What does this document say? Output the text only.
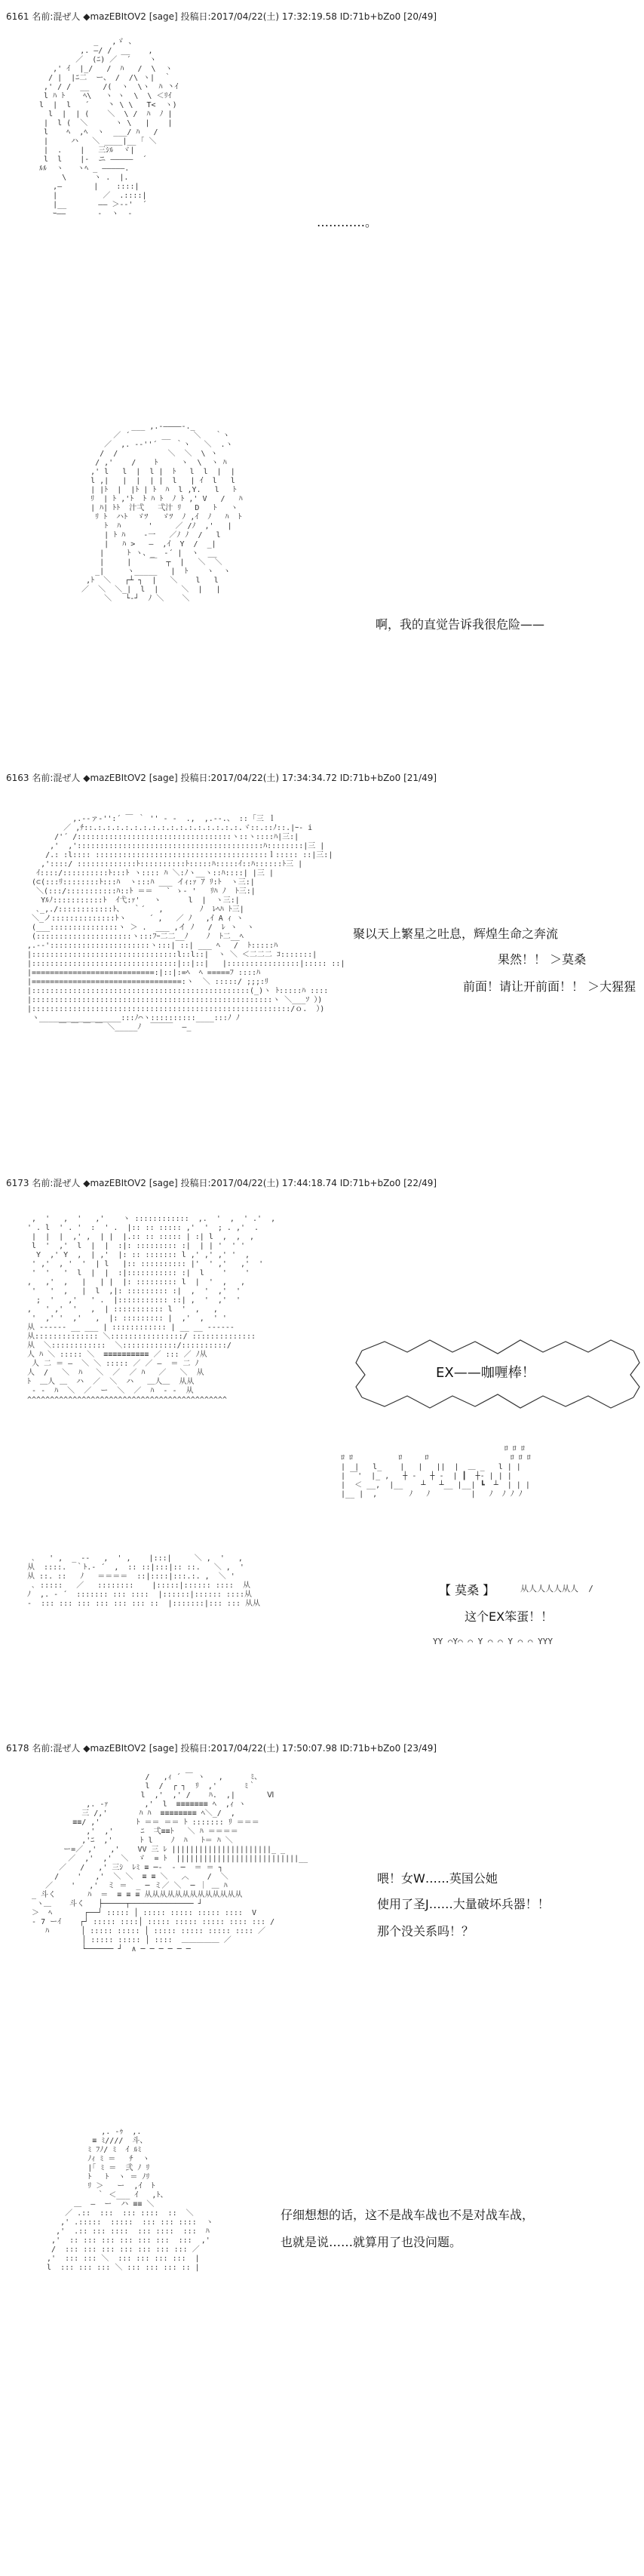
6161 名前:混ぜ人 ◆mazEBItOV2 [sage] 投稿日:2017/04/22(土) 17:32:19.58 ID:71b+bZo0 [20/49]
_   ,ゞ 、
,. ―/ /  __    ,
／  (ﾆ) ／  ´    ヽ
,' ｲ  |_/   /  ﾊ   /  \  ヽ
/ |  |ﾆ二  ー、 /  /\ ヽ|  ｀
,' / /  __   /(  ヽ  \ヽ  ﾊ 丶ｲ
l ﾊ ﾄ    ﾍ\   ヽ ヽ  \  \ ＜ﾘｲ
l  |  l   ´    丶 \ \   T<  ヽ)
l  |  | (    ＼  \ /  ﾊ  ﾉ |
|  l (  ＼      ヽ \   |    |
l    ﾍ  ,ﾍ  ヽ  ___/ ﾊ   /
|     ハ   ＼ ____|__ ｢ ＼
|  .    |   三ｼﾙ  ヾ|
l  l    |-  ニ ―――――  ´
ﾙﾙ  ヽ   ヽﾍ _ ―――――.
\      ヽ .  |.
,―       |    ::::|
|          ／  .::::|
|__       ―― ＞--'  ´
ｰ――       -  ヽ  ‐
…………。
___ ,.-――――-._
／ ´       __     ＼   ｀ヽ
／  ,. -‐''´    ｀ヽ   ＼  .ヽ
/  /           ＼  ＼  \ ヽ
/ ,'    /    ﾄ     ヽ  \  ヽ ﾊ
,' l   l  |  l |  ﾄ   l  l  |  |
l ,|   |  |  | |  l   | ｲ  l   l
| |ﾄ  |  |ﾄ | ﾄ  ﾊ  l ,Y.   l   ﾄ
ﾘ  | ﾄ ,'ﾄ  ﾄ ﾊ ﾄ  ﾉ ﾄ ,' V   /   ﾊ
| ﾊ| ﾄﾄ  汁弌   弌汁 ﾘ   D   ﾄ   ヽ
ﾘ ﾄ  ハﾄ  ゞﾂ   ゞﾂ  ﾉ ,ｲ  ﾉ   ﾊ  ﾄ
ﾄ  ﾊ      '     ／ /ﾉ  ,'   |
| ﾄ ﾊ    -一   ／ﾉ ﾉ  /   l
|   ﾊ >   ―  ,ｲ  Y  /  _|
|     ﾄ ヽ、_  ‐´ |  ヽ  __
|     |    ￣  ┬  |   ＼  ＼
_|     ヽ_____   |  ﾄ    ヽ  ヽ
,ﾄ  ＼   ┌┴ ┐  |   ＼    l   l
／  ＼  ＼_|  l  |     ＼  |   |
＼   └‐┘  ﾉ ＼    ＼
啊，我的直觉告诉我很危险——
6163 名前:混ぜ人 ◆mazEBItOV2 [sage] 投稿日:2017/04/22(土) 17:34:34.72 ID:71b+bZo0 [21/49]
,.-‐ァ-'':´ ￣ ｀ '' ‐ -  .,  ,.-‐.、 :: ｢三 ｌ
／ ,ﾁ::.:.:.:.:.:.:.:.:.:.:.:.:.:.:.:.:.ヾ::.::ﾉ::.|ｰ‐ i
/'´ /::::::::::::::::::::::::::::::::::ヽ::ヽ::::ﾊ|三:|
,'  ,':::::::::::::::::::::::::::::::::::::::::ﾊ::::::::|三 |
/.: :l:::: ::::::::::::::::::::::::::::::::::::::ｌ::::: ::|三:|
,'::::/ :::::::::::::ﾄ::::::::::ﾄ:::::ﾊ:::::ｲ::ﾊ::::::ﾄ三 |
ｲ::::/::::::::::ﾄ:::ﾄ ヽ:::: ﾊ ＼:ﾉヽ__ヽ::ﾊ::::| |三 |
(⊂(:::ﾘ::::::::ﾄ:::ﾊ  ヽ:::ﾊ ___ イｨ:ｧ ｱ ﾘ:ﾄ  ヽ三:|
＼(:::/:::::::::::ﾊ::ﾄ ＝＝   ` ゝ- '   ﾘﾊ ﾉ  ﾄ三:|
Yﾙﾉ:::::::::::ﾄ  ｲ弋:ｧ'   ヽ      l  |  ヽ三:|
､_,./::::::::::::ﾄ、  ｀´   ,        ﾉ  ﾚﾍﾊ ﾄ三|
＼_ノ::::::::::::::ﾄヽ     ´ ,   ／ ﾉ   ,ｲ A ｨ ヽ
(___:::::::::::::::ヽ ＞ .  ___ ,イ ﾉ   /  ﾚ ヽ  ヽ
(:::::::::::::::::::::ヽ:::ﾌｰ二二__ﾉ    ﾉ  ﾄ二__ﾍ
,.-‐'::::::::::::::::::::::ヽ:::| ::| ___ ﾍ   /  ﾄ:::::ﾊ
|::::::::::::::::::::::::::::::::l::l::|  ヽ ＼ ＜二二二 ｺ:::::::|
|::::::::::::::::::::::::::::::::|::|::|   |::::::::::::::::|::::: ::|
|===========================:|::|:=ﾍ  ﾍ =====ﾌ ::::ﾊ
|=================================:ヽ  ＼ :::::/ ;;;:ﾘ
|::::::::::::::::::::::::::::::::::::::::::::::::(_)ヽ ﾄ:::::ﾊ ::::
|:::::::::::::::::::::::::::::::::::::::::::::::::::::ヽ ＼___ｿ ）)
|:::::::::::::::::::::::::::::::::::::::::::::::::::::::::/ｏ.  ）)
ヽ__________________:::ﾉ⌒ヽ::::::::::____:::ﾉ ﾉ
￣ ￣ ￣ ￣ ＼_____ﾉ  ￣￣￣  ―_
聚以天上繁星之吐息，辉煌生命之奔流
果然！！ ＞莫桑
前面！请让开前面！！ ＞大猩猩
6173 名前:混ぜ人 ◆mazEBItOV2 [sage] 投稿日:2017/04/22(土) 17:44:18.74 ID:71b+bZo0 [22/49]
,  '   ,  '   ,'    ヽ ::::::::::::  ,.  '  ,  ' .'  ,
' . l  ' . '  :  ' .  |:: :: ::::: ,'  '  ; . ,'  .
|  |  |  ,' ,  | |  |.:: :: ::::: | :| l  ,  ,  ,
l  '  ,'  l  |  |  :|: ::::::::: :|  | | '  ' '
Y  ,' Y  ,  | ,'  |: :: ::::::: l ,' ,' ,' '  ,
' ,'  , '  '  | l   |:: :::::::::: |'  ' ,'   ,'  '
'  '   '  l  |  |  :|::::::::::: :|  l    '    '
,   ,'  ,   |   | |  |: ::::::::: l  |  '  ,   ,
'   '  ,   |  l  ,|: ::::::::: :|  ,  '  ,'  '
;  '   ,'   ' .  |::::::::::: ::| ,  '  ,'  '
,   ' ,'  '   ,  | ::::::::::: l  '  ,   ,
'  ,' '  ,'   ,  |: ::::::::: |  ,'  ,  ' '
从 ------ __ ___ | :::::::::::: | __ __ ------
从:::::::::::::: ＼::::::::::::::::/ ::::::::::::::
从  ＼::::::::::::  ＼::::::::::::/::::::::::/
人 ﾊ ＼ ::::: ＼  ≡≡≡≡≡≡≡≡≡≡ ／ ::: ／ ﾉ从
人 二 ＝ ―  ＼ ＼ ::::: ／ ／ ―  ＝ 二 ﾉ
人  /   ＼  ﾊ   ＼  ／  ／ ﾊ   ／   ＼  从
ﾄ  ＿人 ＿  ハ  ／  ＼  ハ   ＿人＿  从从
- -  ﾊ  ＼  ／  ー  ＼  ／  ﾊ  - -  从
^^^^^^^^^^^^^^^^^^^^^^^^^^^^^^^^^^^^^^^^^^^^
EX——咖喱棒！
ﾛ ﾛ ﾛ
ﾛ ﾛ          ﾛ     ﾛ                  ﾛ ﾛ ﾛ
|  |   l_    |   |   ||  |  ＿ _   l | |
| ￣'  |_ ,   ┼ ‐   ┼ ‐  | ┃  ┼‐ | | |
|  ＜ __,  |__    ┴   ┴__ |__| ┗  ┴  | | |
|__ |  ,       ﾉ   ﾉ         |   ﾉ  ﾉ ﾉ ﾉ
､   ' ,  _ -‐   ,  ' ,    |:::|     ＼ ,  '   ,
从  ::::.  ｀ﾄ.‐ ´  ,  :: ::|:::|:: ::.   ＼ ,  '
从 ::. ::   ﾉ   ＝＝＝＝  ::|::::|:::.:. ,  ＼ '
､ :::::   ／   ::::::::    |:::::|:::::: ::::  从
ﾉ  ,. - ´  ::::::: ::: ::::  |::::::|:::::: ::::从
‐  ::: ::: ::: ::: ::: ::: ::  |:::::::|::: ::: 从从
【 莫桑 】	从人人人人从人  /
这个EX笨蛋！！
YY ⌒Y⌒ ⌒ Y ⌒ ⌒ Y ⌒ ⌒ YYY
6178 名前:混ぜ人 ◆mazEBItOV2 [sage] 投稿日:2017/04/22(土) 17:50:07.98 ID:71b+bZo0 [23/49]
/   ,ｨ ´ ￣ ヽ   ,      ﾐ、
l  /  ┌ ┐  ﾘ  ,'      ﾐ｀
l  ,'  ,' /    ﾊ.  ,|       Ⅵ
,. -ｧ        ,'  l  ≡≡≡≡≡≡≡ ﾍ  ,ｨ ヽ
三 /,'       ﾊ ﾊ  ≡≡≡≡≡≡≡≡ ﾍ＼_/  ,
≡≡/ ,'        ﾄ ＝＝ ＝＝ ﾄ ::::::: ﾘ ＝＝＝
,'  ,'      ﾆ  弌≡≡ﾄ   ＼ ﾊ ＝＝＝＝
,'ﾆ  ,'      ﾄ l    ﾉ  ﾊ   ﾄ＝ ﾊ ＼
ー=／ ,'   ,'    VV 三 ﾚ ||||||||||||||||||||||_ _
／  ,'  ,'  ＼  ゞ  = ﾄ  |||||||||||||||||||||||||||__
／   /   ,' 三ｼ  ﾚﾐ ≡ ─‐  ‐ ─  ＝ ＝ ┐
/    '   ,'  ＼ ＼  ≡ ≡ ＼   ︿    /  ＼
／    '   ,'  ミ ＝  _ ─ ミ／ ＼  ─ ｜ ＿ ﾊ
_ 斗く       ﾊ  ＝  ≡ ≡ ≡ 从从从从从从从从从从从从从
ヽ＿    斗く   ├─────┬────────────── ┘
＞  ﾍ       ┌──┘ ::::: │ ::::: ::::: ::::: ::::  V
- 7 ーｲ    ┌┘ ::::: ::::│ ::::: ::::: ::::: :::: ::: /
ﾊ       │ ::::: ::::: │ ::::: ::::: ::::: :::: ／
│ ::::: ::::: │ ::::  ＿＿＿＿＿ ／
└────── ┘  ∧ ─ ─ ─ ─ ─ ─
喂！女W……英国公她
使用了圣J……大量破坏兵器！！
那个没关系吗！？
,. -ｩ  ,.
≡ ﾐ////  斗、
ﾐ ﾌﾉ/ ﾐ  ｲ ﾙﾐ
ﾉｨ ﾐ ＝   ﾁ  ヽ
|｢ ﾐ ＝  弐 ﾉ ﾘ
ﾄ   ﾄ  ヽ ＝ ﾉﾘ
ﾘ ＞   ー  ,ｲ  ﾄ
｀ ＜___ ｲ   ,ﾄ、
＿  ―  ー  ハ ≡≡ ＼
／ .::  :::  ::: ::::  ::  ＼
,' .:::::  :::::  ::: ::: ::::  ヽ
,'  .:: ::: ::::  ::: ::::  :::  ﾊ
,'  :: ::: ::: ::: ::: :::  :::  ,'
/  ::: ::: ::: ::: ::: ::: ::: ／
,'  ::: ::: ＼  ::: ::: ::: :::  |
l  ::: ::: ::: ＼ ::: ::: ::: :: |
仔细想想的话，这不是战车战也不是对战车战，
也就是说……就算用了也没问题。
